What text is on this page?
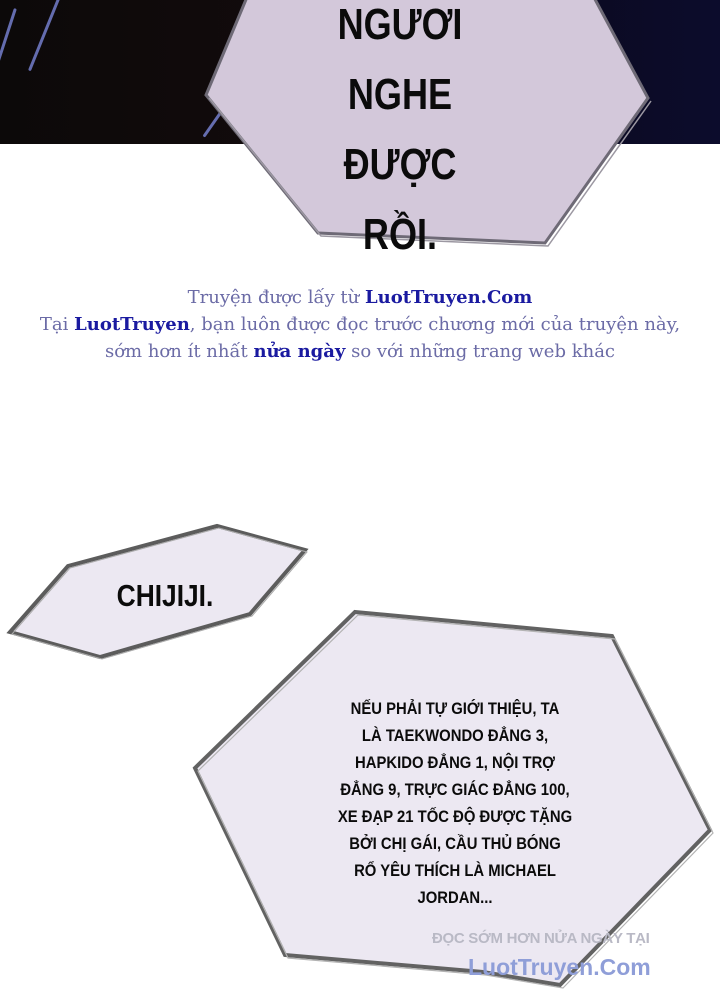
NGƯƠI
NGHE
ĐƯỢC
RỒI.
Truyện được lấy từ LuotTruyen.Com
Tại LuotTruyen, bạn luôn được đọc trước chương mới của truyện này,
sớm hơn ít nhất nửa ngày so với những trang web khác
CHIJIJI.
NẾU PHẢI TỰ GIỚI THIỆU, TA
LÀ TAEKWONDO ĐẲNG 3,
HAPKIDO ĐẲNG 1, NỘI TRỢ
ĐẲNG 9, TRỰC GIÁC ĐẲNG 100,
XE ĐẠP 21 TỐC ĐỘ ĐƯỢC TẶNG
BỞI CHỊ GÁI, CẦU THỦ BÓNG
RỔ YÊU THÍCH LÀ MICHAEL
JORDAN...
ĐỌC SỚM HƠN NỬA NGÀY TẠI
LuotTruyen.Com
